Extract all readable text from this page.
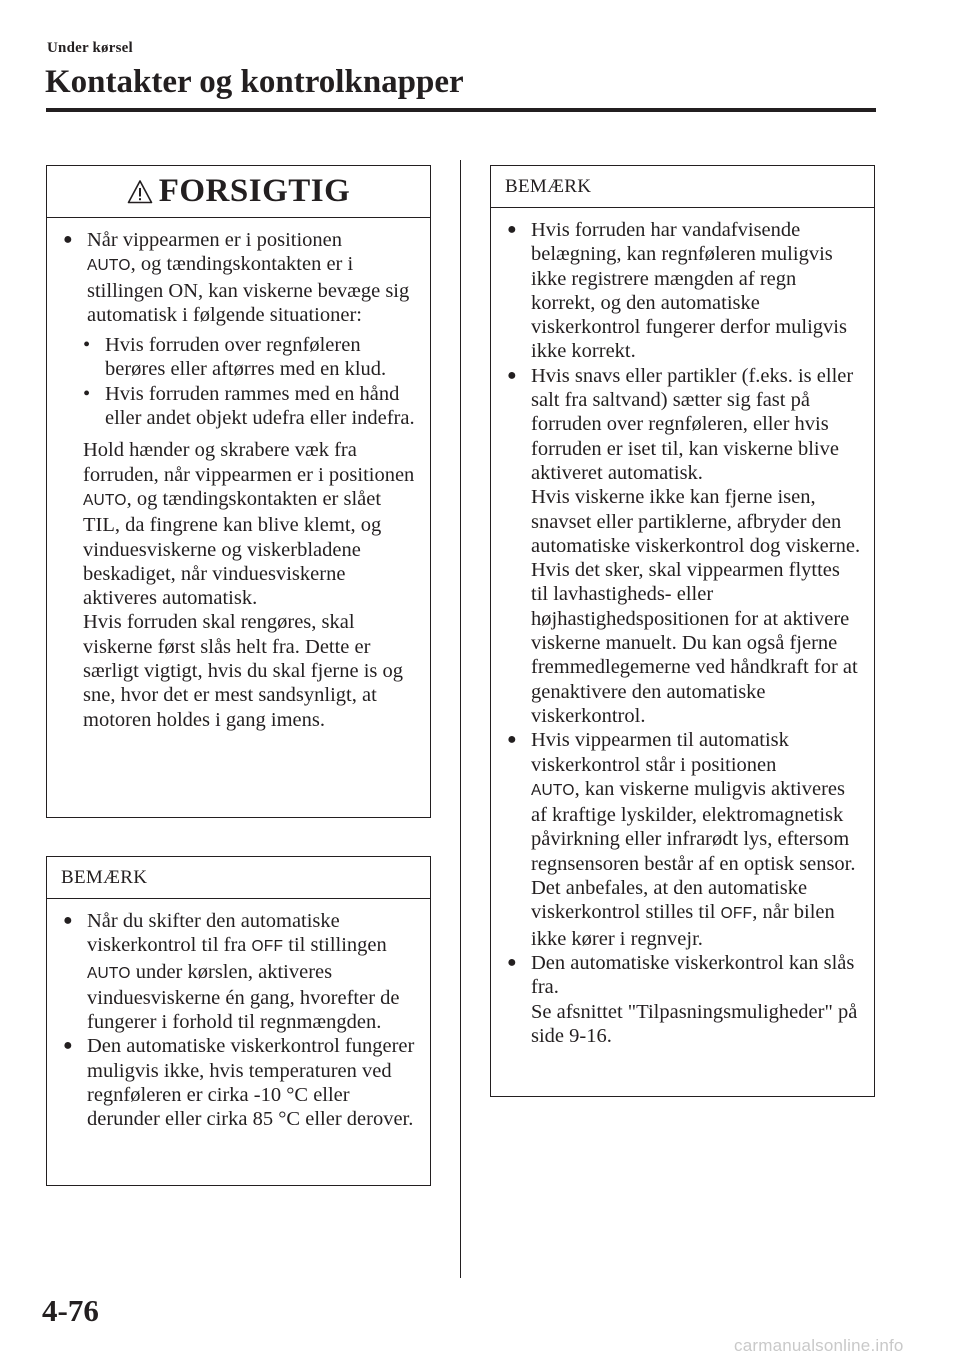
Under kørsel
Kontakter og kontrolknapper
FORSIGTIG
● Når vippearmen er i positionen
AUTO, og tændingskontakten er i stillingen ON, kan viskerne bevæge sig automatisk i følgende situationer:
• Hvis forruden over regnføleren berøres eller aftørres med en klud.
• Hvis forruden rammes med en hånd eller andet objekt udefra eller indefra.
Hold hænder og skrabere væk fra forruden, når vippearmen er i positionen AUTO, og tændingskontakten er slået TIL, da fingrene kan blive klemt, og vinduesviskerne og viskerbladene beskadiget, når vinduesviskerne aktiveres automatisk.
Hvis forruden skal rengøres, skal viskerne først slås helt fra. Dette er særligt vigtigt, hvis du skal fjerne is og sne, hvor det er mest sandsynligt, at motoren holdes i gang imens.
BEMÆRK
● Når du skifter den automatiske viskerkontrol til fra OFF til stillingen AUTO under kørslen, aktiveres vinduesviskerne én gang, hvorefter de fungerer i forhold til regnmængden.
● Den automatiske viskerkontrol fungerer muligvis ikke, hvis temperaturen ved regnføleren er cirka -10 °C eller derunder eller cirka 85 °C eller derover.
BEMÆRK
● Hvis forruden har vandafvisende belægning, kan regnføleren muligvis ikke registrere mængden af regn korrekt, og den automatiske viskerkontrol fungerer derfor muligvis ikke korrekt.
● Hvis snavs eller partikler (f.eks. is eller salt fra saltvand) sætter sig fast på forruden over regnføleren, eller hvis forruden er iset til, kan viskerne blive aktiveret automatisk.
Hvis viskerne ikke kan fjerne isen, snavset eller partiklerne, afbryder den automatiske viskerkontrol dog viskerne.
Hvis det sker, skal vippearmen flyttes til lavhastigheds- eller højhastighedspositionen for at aktivere viskerne manuelt. Du kan også fjerne fremmedlegemerne ved håndkraft for at genaktivere den automatiske viskerkontrol.
● Hvis vippearmen til automatisk viskerkontrol står i positionen
AUTO, kan viskerne muligvis aktiveres af kraftige lyskilder, elektromagnetisk påvirkning eller infrarødt lys, eftersom regnsensoren består af en optisk sensor. Det anbefales, at den automatiske viskerkontrol stilles til OFF, når bilen ikke kører i regnvejr.
● Den automatiske viskerkontrol kan slås fra.
Se afsnittet "Tilpasningsmuligheder" på side 9-16.
4-76
carmanualsonline.info
